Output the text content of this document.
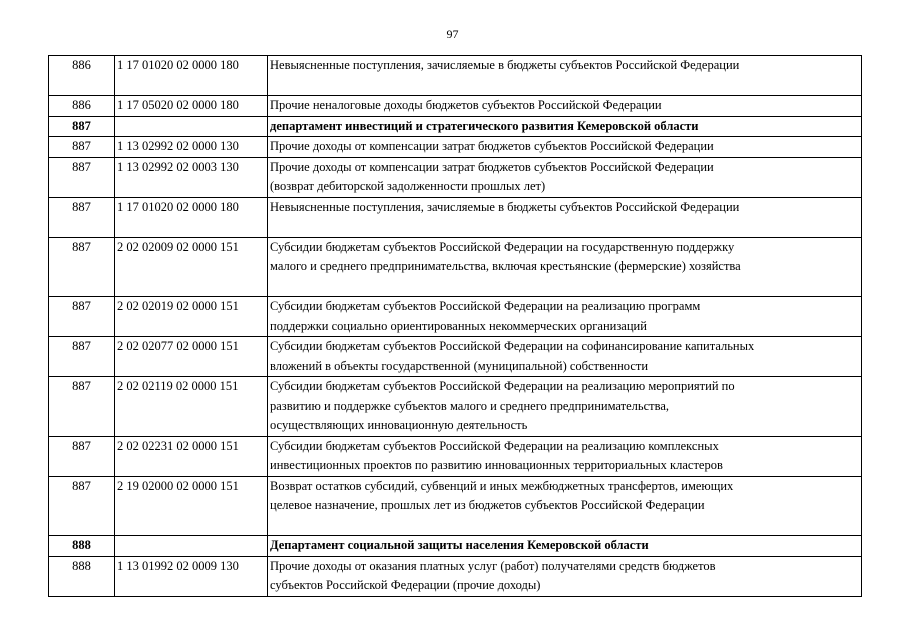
97
886	1 17 01020 02 0000 180	Невыясненные поступления, зачисляемые в бюджеты субъектов Российской Федерации

886	1 17 05020 02 0000 180	Прочие неналоговые доходы бюджетов субъектов Российской Федерации

887		департамент инвестиций и стратегического развития Кемеровской области

887	1 13 02992 02 0000 130	Прочие доходы от компенсации затрат бюджетов субъектов Российской Федерации

887	1 13 02992 02 0003 130	Прочие доходы от компенсации затрат бюджетов субъектов Российской Федерации
(возврат дебиторской задолженности прошлых лет)

887	1 17 01020 02 0000 180	Невыясненные поступления, зачисляемые в бюджеты субъектов Российской Федерации

887	2 02 02009 02 0000 151	Субсидии бюджетам субъектов Российской Федерации на государственную поддержку
малого и среднего предпринимательства, включая крестьянские (фермерские) хозяйства

887	2 02 02019 02 0000 151	Субсидии бюджетам субъектов Российской Федерации на реализацию программ
поддержки социально ориентированных некоммерческих организаций

887	2 02 02077 02 0000 151	Субсидии бюджетам субъектов Российской Федерации на софинансирование капитальных
вложений в объекты государственной (муниципальной) собственности

887	2 02 02119 02 0000 151	Субсидии бюджетам субъектов Российской Федерации на реализацию мероприятий по
развитию и поддержке субъектов малого и среднего предпринимательства,
осуществляющих инновационную деятельность

887	2 02 02231 02 0000 151	Субсидии бюджетам субъектов Российской Федерации на реализацию комплексных
инвестиционных проектов по развитию инновационных территориальных кластеров

887	2 19 02000 02 0000 151	Возврат остатков субсидий, субвенций и иных межбюджетных трансфертов, имеющих
целевое назначение, прошлых лет из бюджетов субъектов Российской Федерации

888		Департамент социальной защиты населения Кемеровской области

888	1 13 01992 02 0009 130	Прочие доходы от оказания платных услуг (работ) получателями средств бюджетов
субъектов Российской Федерации (прочие доходы)
